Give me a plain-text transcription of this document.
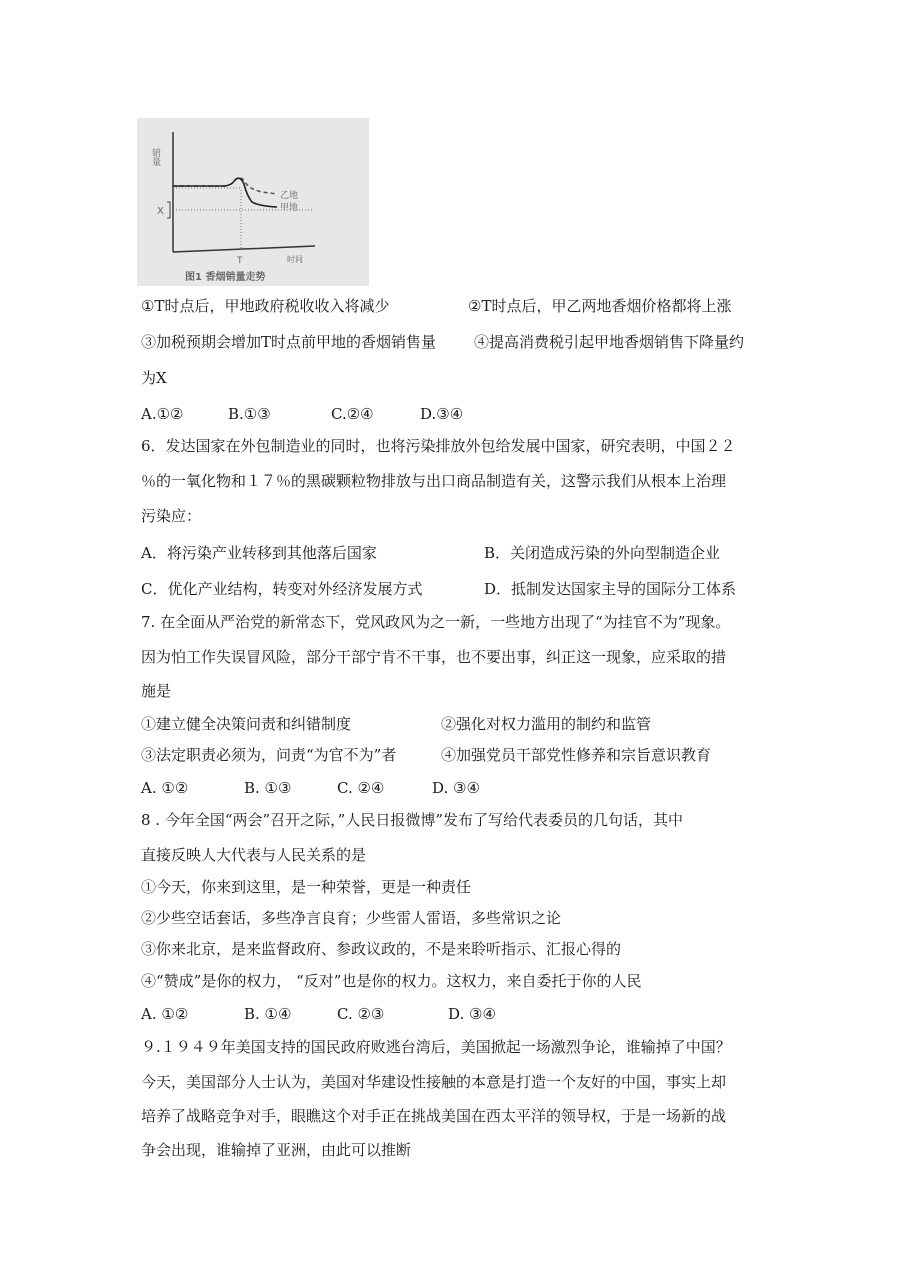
销量
X
T
乙地
甲地
时间
图1 香烟销量走势

①T时点后，甲地政府税收收入将减少	②T时点后，甲乙两地香烟价格都将上涨

③加税预期会增加T时点前甲地的香烟销售量	④提高消费税引起甲地香烟销售下降量约

为X

A.①②	B.①③	C.②④	D.③④

6．发达国家在外包制造业的同时，也将污染排放外包给发展中国家，研究表明，中国２２

％的一氧化物和１７％的黑碳颗粒物排放与出口商品制造有关，这警示我们从根本上治理

污染应：

A．将污染产业转移到其他落后国家	B．关闭造成污染的外向型制造企业

C．优化产业结构，转变对外经济发展方式	D．抵制发达国家主导的国际分工体系

7. 在全面从严治党的新常态下，党风政风为之一新，一些地方出现了“为挂官不为”现象。

因为怕工作失误冒风险，部分干部宁肯不干事，也不要出事，纠正这一现象，应采取的措

施是

①建立健全决策问责和纠错制度	②强化对权力滥用的制约和监管

③法定职责必须为，问责“为官不为”者	④加强党员干部党性修养和宗旨意识教育

A. ①②	B. ①③	C. ②④	D. ③④

8 . 今年全国“两会”召开之际，”人民日报微博”发布了写给代表委员的几句话，其中

直接反映人大代表与人民关系的是

①今天，你来到这里，是一种荣誉，更是一种责任

②少些空话套话，多些净言良育；少些雷人雷语，多些常识之论

③你来北京，是来监督政府、参政议政的，不是来聆听指示、汇报心得的

④“赞成”是你的权力， “反对”也是你的权力。这权力，来自委托于你的人民

A. ①②	B. ①④	C. ②③	D. ③④

９.１９４９年美国支持的国民政府败逃台湾后，美国掀起一场激烈争论，谁输掉了中国？

今天，美国部分人士认为，美国对华建设性接触的本意是打造一个友好的中国，事实上却

培养了战略竞争对手，眼瞧这个对手正在挑战美国在西太平洋的领导权，于是一场新的战

争会出现，谁输掉了亚洲，由此可以推断
